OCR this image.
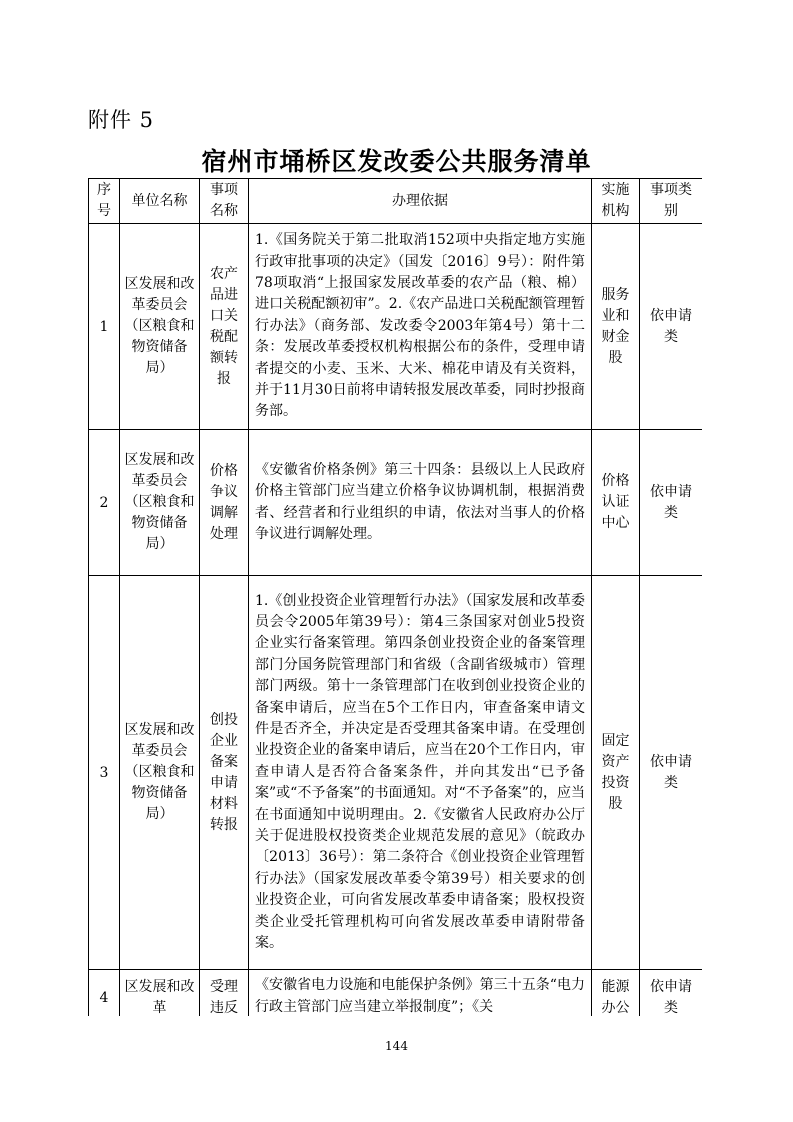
附件 5
宿州市埇桥区发改委公共服务清单
序号	单位名称	事项名称	办理依据	实施机构	事项类别
1	区发展和改革委员会（区粮食和物资储备局）	农产品进口关税配额转报	1.《国务院关于第二批取消152项中央指定地方实施行政审批事项的决定》（国发〔2016〕9号）：附件第78项取消“上报国家发展改革委的农产品（粮、棉）进口关税配额初审”。2.《农产品进口关税配额管理暂行办法》（商务部、发改委令2003年第4号）第十二条：发展改革委授权机构根据公布的条件，受理申请者提交的小麦、玉米、大米、棉花申请及有关资料，并于11月30日前将申请转报发展改革委，同时抄报商务部。	服务业和财金股	依申请类
2	区发展和改革委员会（区粮食和物资储备局）	价格争议调解处理	《安徽省价格条例》第三十四条：县级以上人民政府价格主管部门应当建立价格争议协调机制，根据消费者、经营者和行业组织的申请，依法对当事人的价格争议进行调解处理。	价格认证中心	依申请类
3	区发展和改革委员会（区粮食和物资储备局）	创投企业备案申请材料转报	1.《创业投资企业管理暂行办法》（国家发展和改革委员会令2005年第39号）：第4三条国家对创业5投资企业实行备案管理。第四条创业投资企业的备案管理部门分国务院管理部门和省级（含副省级城市）管理部门两级。第十一条管理部门在收到创业投资企业的备案申请后，应当在5个工作日内，审查备案申请文件是否齐全，并决定是否受理其备案申请。在受理创业投资企业的备案申请后，应当在20个工作日内，审查申请人是否符合备案条件，并向其发出“已予备案”或“不予备案”的书面通知。对“不予备案”的，应当在书面通知中说明理由。2.《安徽省人民政府办公厅关于促进股权投资类企业规范发展的意见》（皖政办〔2013〕36号）：第二条符合《创业投资企业管理暂行办法》（国家发展改革委令第39号）相关要求的创业投资企业，可向省发展改革委申请备案；股权投资类企业受托管理机构可向省发展改革委申请附带备案。	固定资产投资股	依申请类
4	区发展和改革	受理违反	《安徽省电力设施和电能保护条例》第三十五条“电力行政主管部门应当建立举报制度”；《关	能源办公	依申请类
144
